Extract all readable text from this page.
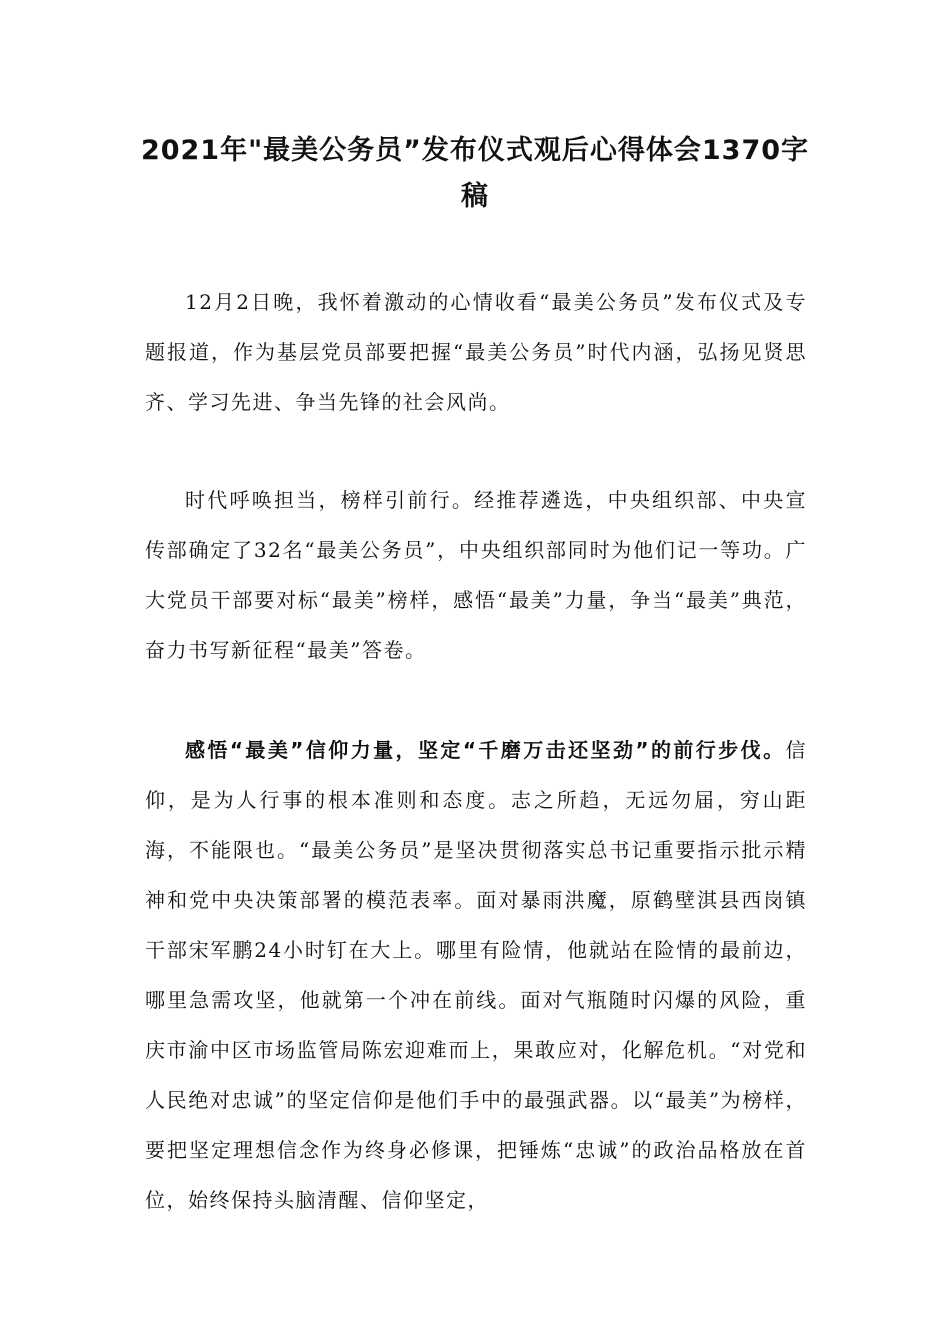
2021年"最美公务员”发布仪式观后心得体会1370字稿

12月2日晚，我怀着激动的心情收看“最美公务员”发布仪式及专题报道，作为基层党员部要把握“最美公务员”时代内涵，弘扬见贤思齐、学习先进、争当先锋的社会风尚。

时代呼唤担当，榜样引前行。经推荐遴选，中央组织部、中央宣传部确定了32名“最美公务员”，中央组织部同时为他们记一等功。广大党员干部要对标“最美”榜样，感悟“最美”力量，争当“最美”典范，奋力书写新征程“最美”答卷。

感悟“最美”信仰力量，坚定“千磨万击还坚劲”的前行步伐。信仰，是为人行事的根本准则和态度。志之所趋，无远勿届，穷山距海，不能限也。“最美公务员”是坚决贯彻落实总书记重要指示批示精神和党中央决策部署的模范表率。面对暴雨洪魔，原鹤壁淇县西岗镇干部宋军鹏24小时钉在大上。哪里有险情，他就站在险情的最前边，哪里急需攻坚，他就第一个冲在前线。面对气瓶随时闪爆的风险，重庆市渝中区市场监管局陈宏迎难而上，果敢应对，化解危机。“对党和人民绝对忠诚”的坚定信仰是他们手中的最强武器。以“最美”为榜样，要把坚定理想信念作为终身必修课，把锤炼“忠诚”的政治品格放在首位，始终保持头脑清醒、信仰坚定，
